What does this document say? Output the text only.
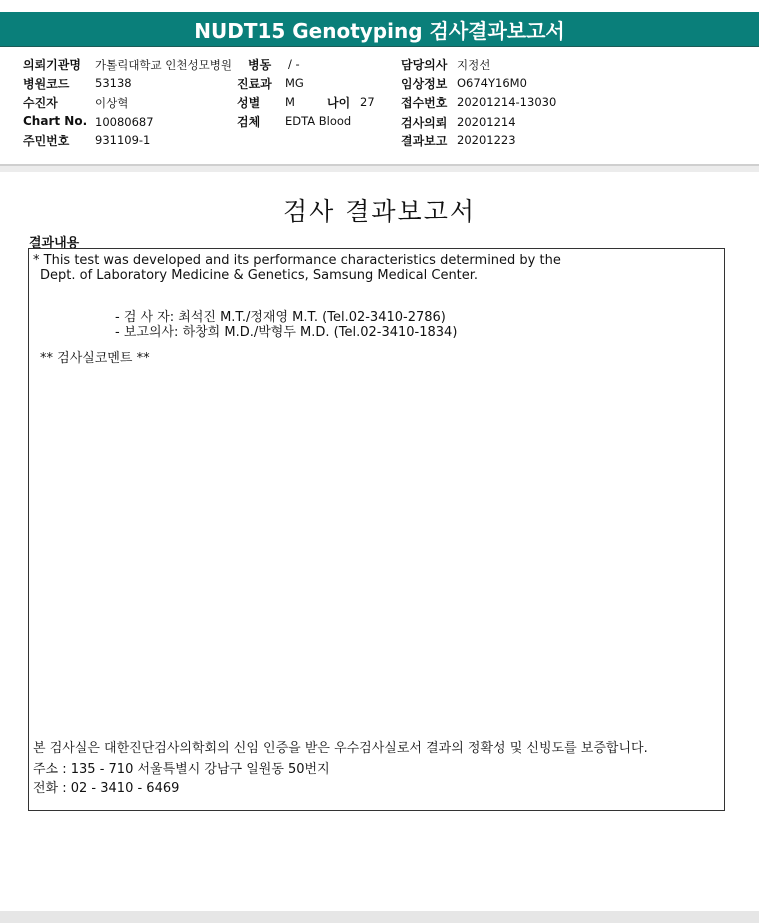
NUDT15 Genotyping 검사결과보고서
의뢰기관명 가톨릭대학교 인천성모병원 병동 / -	담당의사 지정선
병원코드 53138	진료과 MG	임상정보 O674Y16M0
수진자	이상혁	성별 M	나이 27 접수번호 20201214-13030
Chart No. 10080687	검체 EDTA Blood	검사의뢰 20201214
주민번호 931109-1	결과보고 20201223
검사 결과보고서
결과내용
* This test was developed and its performance characteristics determined by the
Dept. of Laboratory Medicine & Genetics, Samsung Medical Center.
- 검 사 자: 최석진 M.T./정재영 M.T. (Tel.02-3410-2786)
- 보고의사: 하창희 M.D./박형두 M.D. (Tel.02-3410-1834)
** 검사실코멘트 **
본 검사실은 대한진단검사의학회의 신임 인증을 받은 우수검사실로서 결과의 정확성 및 신빙도를 보증합니다.
주소 : 135 - 710 서울특별시 강남구 일원동 50번지
전화 : 02 - 3410 - 6469
